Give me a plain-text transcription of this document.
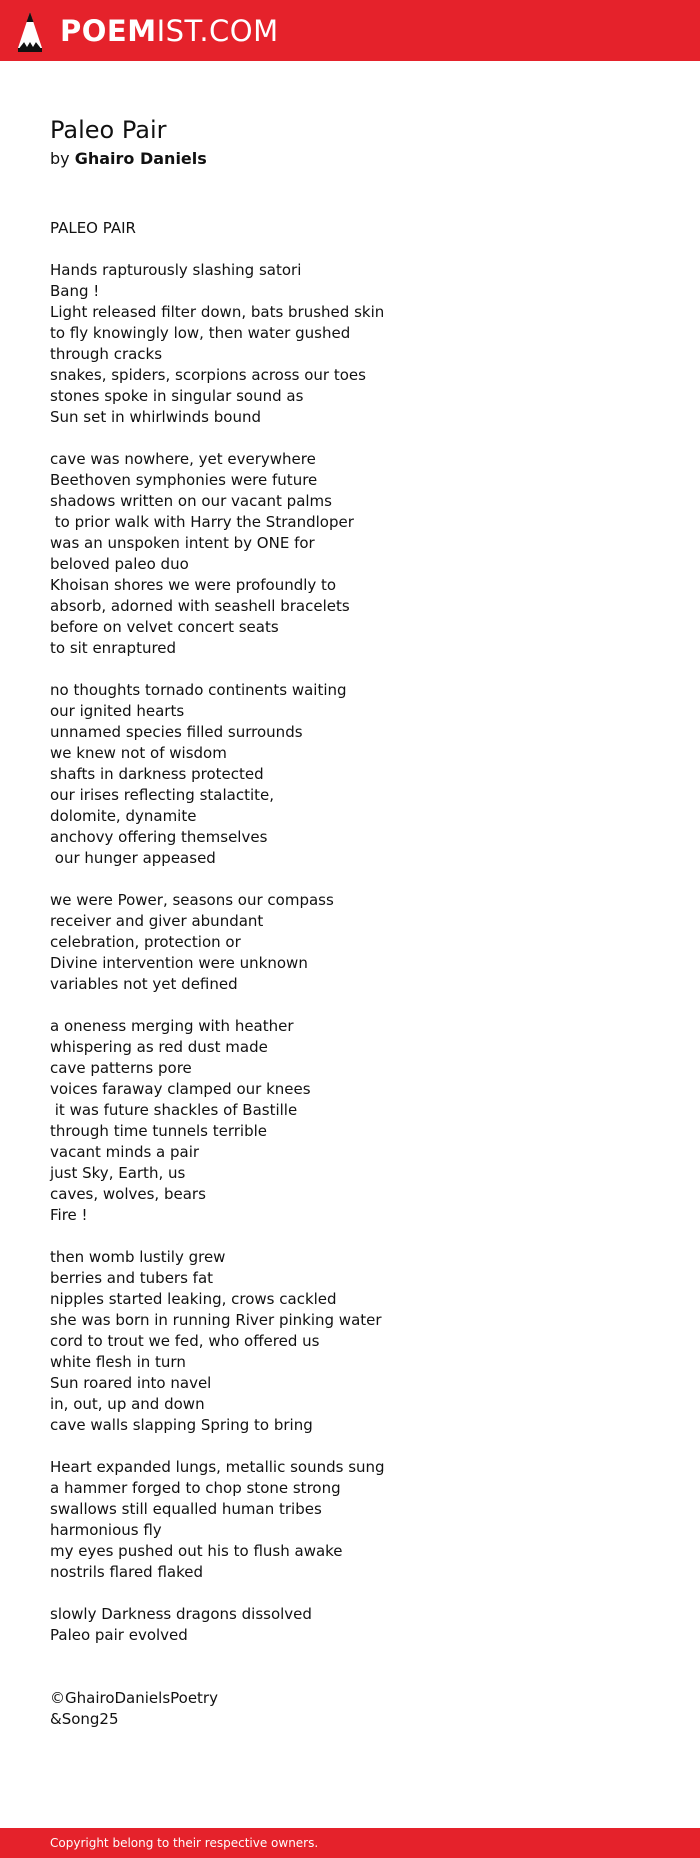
POEMIST.COM
Paleo Pair
by Ghairo Daniels
PALEO PAIR
Hands rapturously slashing satori
Bang !
Light released filter down, bats brushed skin
to fly knowingly low, then water gushed
through cracks
snakes, spiders, scorpions across our toes
stones spoke in singular sound as
Sun set in whirlwinds bound
cave was nowhere, yet everywhere
Beethoven symphonies were future
shadows written on our vacant palms
to prior walk with Harry the Strandloper
was an unspoken intent by ONE for
beloved paleo duo
Khoisan shores we were profoundly to
absorb, adorned with seashell bracelets
before on velvet concert seats
to sit enraptured
no thoughts tornado continents waiting
our ignited hearts
unnamed species filled surrounds
we knew not of wisdom
shafts in darkness protected
our irises reflecting stalactite,
dolomite, dynamite
anchovy offering themselves
our hunger appeased
we were Power, seasons our compass
receiver and giver abundant
celebration, protection or
Divine intervention were unknown
variables not yet defined
a oneness merging with heather
whispering as red dust made
cave patterns pore
voices faraway clamped our knees
it was future shackles of Bastille
through time tunnels terrible
vacant minds a pair
just Sky, Earth, us
caves, wolves, bears
Fire !
then womb lustily grew
berries and tubers fat
nipples started leaking, crows cackled
she was born in running River pinking water
cord to trout we fed, who offered us
white flesh in turn
Sun roared into navel
in, out, up and down
cave walls slapping Spring to bring
Heart expanded lungs, metallic sounds sung
a hammer forged to chop stone strong
swallows still equalled human tribes
harmonious fly
my eyes pushed out his to flush awake
nostrils flared flaked
slowly Darkness dragons dissolved
Paleo pair evolved
©GhairoDanielsPoetry
&Song25
Copyright belong to their respective owners.
